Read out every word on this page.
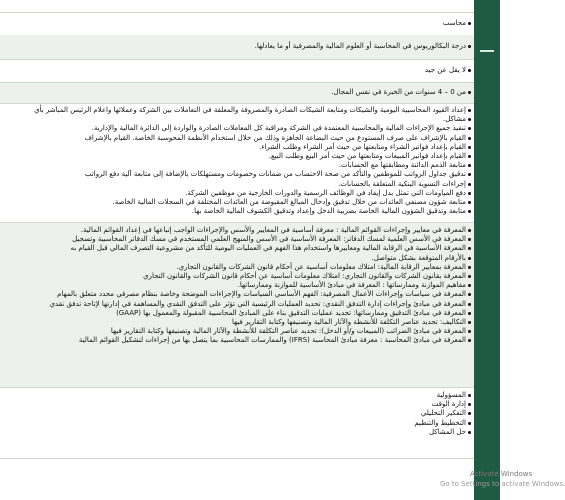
محاسب
درجة البكالوريوس في المحاسبة أو العلوم المالية والمصرفية أو ما يعادلها.
لا يقل عن جيد
من 0 – 4 سنوات من الخبرة في نفس المجال.
إعداد القيود المحاسبية اليومية والشيكات ومتابعة الشيكات الصادرة والمصروفة والمعلقة في التعاملات بين الشركة وعملائها واعلام الرئيس المباشر بأي
مشاكل.
تنفيذ جميع الإجراءات المالية والمحاسبية المعتمدة في الشركة ومراقبة كل المعاملات الصادرة والواردة إلى الدائرة المالية والإدارية.
القيام بالإشراف على صرف المستودع من حيث البضاعة الجاهزة وذلك من خلال استخدام الأنظمة المحوسبة الخاصة. القيام بالإشراف
القيام بإعداد فواتير الشراء ومتابعتها من حيث أمر الشراء وطلب الشراء.
القيام بإعداد فواتير المبيعات ومتابعتها من حيث أمر البيع وطلب البيع.
متابعة الذمم الدائنة ومطابقتها مع الحسابات.
تدقيق جداول الرواتب للموظفين والتأكد من صحة الاحتساب من ضمانات وخصومات ومستهلكات بالإضافة إلى متابعة آلية دفع الرواتب
إجراءات التسوية البنكية المتعلقة بالحسابات.
دفع المياومات التي تمثل بدل إيفاد في الوظائف الرسمية والدورات الخارجية من موظفين الشركة.
متابعة شؤون مصنفي العائدات من خلال تدقيق وإدخال المبالغ المقبوضة من العائدات المختلفة في السجلات المالية الخاصة.
متابعة وتدقيق الشؤون المالية الخاصة بضريبة الدخل وإعداد وتدقيق الكشوف المالية الخاصة بها.
المعرفة في معايير وإجراءات القوائم المالية : معرفة أساسية في المعايير والأسس والإجراءات الواجب إتباعها في إعداد القوائم المالية.
المعرفة في الأسس العلمية لمسك الدفاتر: المعرفة الأساسية في الأسس والمنهج العلمي المستخدم في مسك الدفاتر المحاسبية وتسجيل
المعرفة الأساسية في الرقابة المالية ومعاييرها واستخدام هذا الفهم في العمليات اليومية للتأكد من مشروعية التصرف المالي قبل القيام به
بالأرقام المتوقعة بشكل متواصل.
المعرفة بمعايير الرقابة المالية: امتلاك معلومات أساسية عن أحكام قانون الشركات والقانون التجاري.
المعرفة بقانون الشركات والقانون التجاري: امتلاك معلومات أساسية عن أحكام قانون الشركات والقانون التجاري
مفاهيم الموازنة وممارساتها : المعرفة في مبادئ الأساسية للموازنة وممارساتها.
المعرفة في سياسات وإجراءات الأعمال المصرفية: الفهم الأساسي السياسات والإجراءات الموضحة وخاصة بنظام مصرفي محدد متعلق بالمهام
المعرفة في مبادئ وإجراءات إدارة التدفق النقدي: تحديد العمليات الرئيسية التي تؤثر على التدفق النقدي والمساهمة في إدارتها لإتاحة تدفق نقدي
المعرفة في مبادئ التدقيق وممارساتها: تحديد عمليات التدقيق بناء على المبادئ المحاسبية المقبولة والمعمول بها (GAAP)
التكاليف: تحديد عناصر التكلفة للأنشطة والآثار المالية وتصنيفها وكتابة التقارير فيها
المعرفة في مبادئ الضرائب (المبيعات و/أو الدخل): تحديد عناصر التكلفة للأنشطة والآثار المالية وتصنيفها وكتابة التقارير فيها
المعرفة في مبادئ المحاسبة : معرفة مبادئ المحاسبة (IFRS) والممارسات المحاسبية بما يتصل بها من إجراءات لتشكيل القوائم المالية
المسؤولية
إدارة الوقت
التفكير التحليلي
التخطيط والتنظيم
حل المشاكل
Activate Windows
Go to Settings to activate Windows.
